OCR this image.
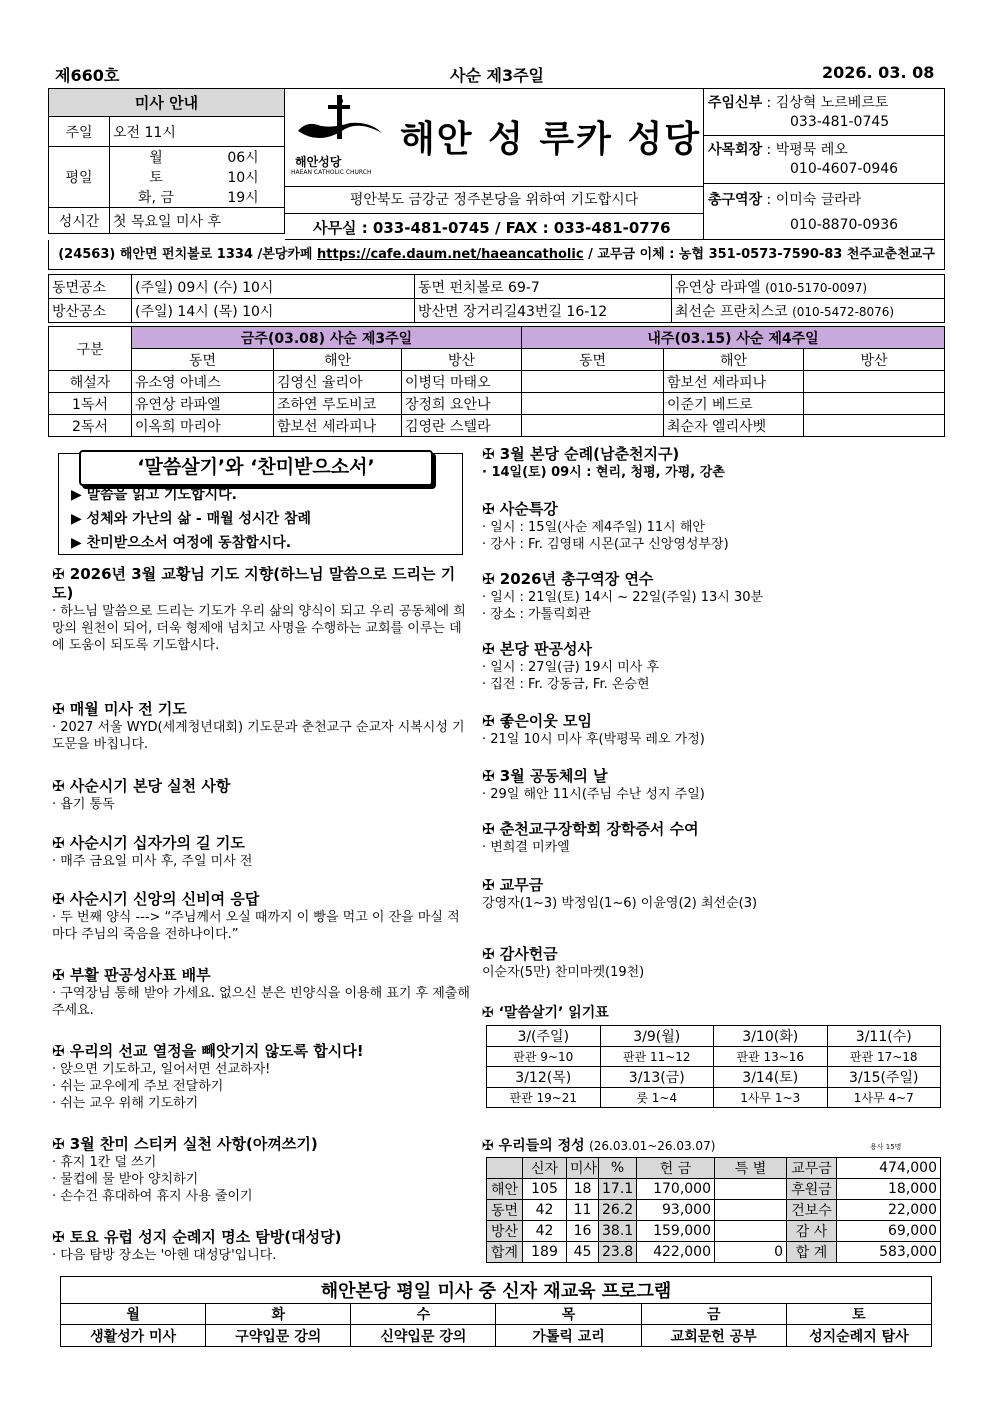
제660호	사순 제3주일	2026. 03. 08
미사 안내		
주일	오전 11시	
평일	월	06시
	토	10시
	화, 금	19시
성시간	첫 목요일 미사 후	
해안성당
HAEAN CATHOLIC CHURCH
해안 성 루카 성당
평안북도 금강군 정주본당을 위하여 기도합시다
사무실 : 033-481-0745 / FAX : 033-481-0776
주임신부 : 김상혁 노르베르토
033-481-0745
사목회장 : 박평묵 레오
010-4607-0946
총구역장 : 이미숙 글라라
010-8870-0936
(24563) 해안면 펀치볼로 1334 /본당카페 https://cafe.daum.net/haeancatholic / 교무금 이체 : 농협 351-0573-7590-83 천주교춘천교구
동면공소	(주일) 09시 (수) 10시	동면 펀치볼로 69-7	유연상 라파엘 (010-5170-0097)
방산공소	(주일) 14시 (목) 10시	방산면 장거리길43번길 16-12	최선순 프란치스코 (010-5472-8076)
구분	금주(03.08) 사순 제3주일			내주(03.15) 사순 제4주일		
	동면	해안	방산	동면	해안	방산
해설자	유소영 아녜스	김영신 율리아	이병덕 마태오		함보선 세라피나	
1독서	유연상 라파엘	조하연 루도비코	장정희 요안나		이준기 베드로	
2독서	이옥희 마리아	함보선 세라피나	김영란 스텔라		최순자 엘리사벳	
‘말씀살기’와 ‘찬미받으소서’
▶ 말씀을 읽고 기도합시다.
▶ 성체와 가난의 삶 - 매월 성시간 참례
▶ 찬미받으소서 여정에 동참합시다.

✠ 2026년 3월 교황님 기도 지향(하느님 말씀으로 드리는 기도)

· 하느님 말씀으로 드리는 기도가 우리 삶의 양식이 되고 우리 공동체에 희망의 원천이 되어, 더욱 형제애 넘치고 사명을 수행하는 교회를 이루는 데에 도움이 되도록 기도합시다.

✠ 매월 미사 전 기도

· 2027 서울 WYD(세계청년대회) 기도문과 춘천교구 순교자 시복시성 기도문을 바칩니다.

✠ 사순시기 본당 실천 사항

· 욥기 통독

✠ 사순시기 십자가의 길 기도

· 매주 금요일 미사 후, 주일 미사 전

✠ 사순시기 신앙의 신비여 응답

· 두 번째 양식 ---> “주님께서 오실 때까지 이 빵을 먹고 이 잔을 마실 적마다 주님의 죽음을 전하나이다.”

✠ 부활 판공성사표 배부

· 구역장님 통해 받아 가세요. 없으신 분은 빈양식을 이용해 표기 후 제출해 주세요.

✠ 우리의 선교 열정을 빼앗기지 않도록 합시다!

· 앉으면 기도하고, 일어서면 선교하자!

· 쉬는 교우에게 주보 전달하기

· 쉬는 교우 위해 기도하기

✠ 3월 찬미 스티커 실천 사항(아껴쓰기)

· 휴지 1칸 덜 쓰기

· 물컵에 물 받아 양치하기

· 손수건 휴대하여 휴지 사용 줄이기

✠ 토요 유럽 성지 순례지 명소 탐방(대성당)

· 다음 탐방 장소는 '아헨 대성당'입니다.

✠ 3월 본당 순례(남춘천지구)

· 14일(토) 09시 : 현리, 청평, 가평, 강촌

✠ 사순특강

· 일시 : 15일(사순 제4주일) 11시 해안

· 강사 : Fr. 김영태 시몬(교구 신앙영성부장)

✠ 2026년 총구역장 연수

· 일시 : 21일(토) 14시 ~ 22일(주일) 13시 30분

· 장소 : 가톨릭회관

✠ 본당 판공성사

· 일시 : 27일(금) 19시 미사 후

· 집전 : Fr. 강동금, Fr. 온승현

✠ 좋은이웃 모임

· 21일 10시 미사 후(박평묵 레오 가정)

✠ 3월 공동체의 날

· 29일 해안 11시(주님 수난 성지 주일)

✠ 춘천교구장학회 장학증서 수여

· 변희결 미카엘

✠ 교무금

강영자(1~3) 박정임(1~6) 이윤영(2) 최선순(3)

✠ 감사헌금

이순자(5만) 찬미마켓(19천)

✠ ‘말씀살기’ 읽기표
3/(주일)	3/9(월)	3/10(화)	3/11(수)
판관 9~10	판관 11~12	판관 13~16	판관 17~18
3/12(목)	3/13(금)	3/14(토)	3/15(주일)
판관 19~21	룻 1~4	1사무 1~3	1사무 4~7
✠ 우리들의 정성 (26.03.01~26.03.07)	용사 15명
	신자	미사	%	헌 금	특 별	교무금	474,000
해안	105	18	17.1	170,000		후원금	18,000
동면	42	11	26.2	93,000		건보수	22,000
방산	42	16	38.1	159,000		감 사	69,000
합계	189	45	23.8	422,000	0	합 계	583,000
해안본당 평일 미사 중 신자 재교육 프로그램					
월	화	수	목	금	토
생활성가 미사	구약입문 강의	신약입문 강의	가톨릭 교리	교회문헌 공부	성지순례지 탐사
